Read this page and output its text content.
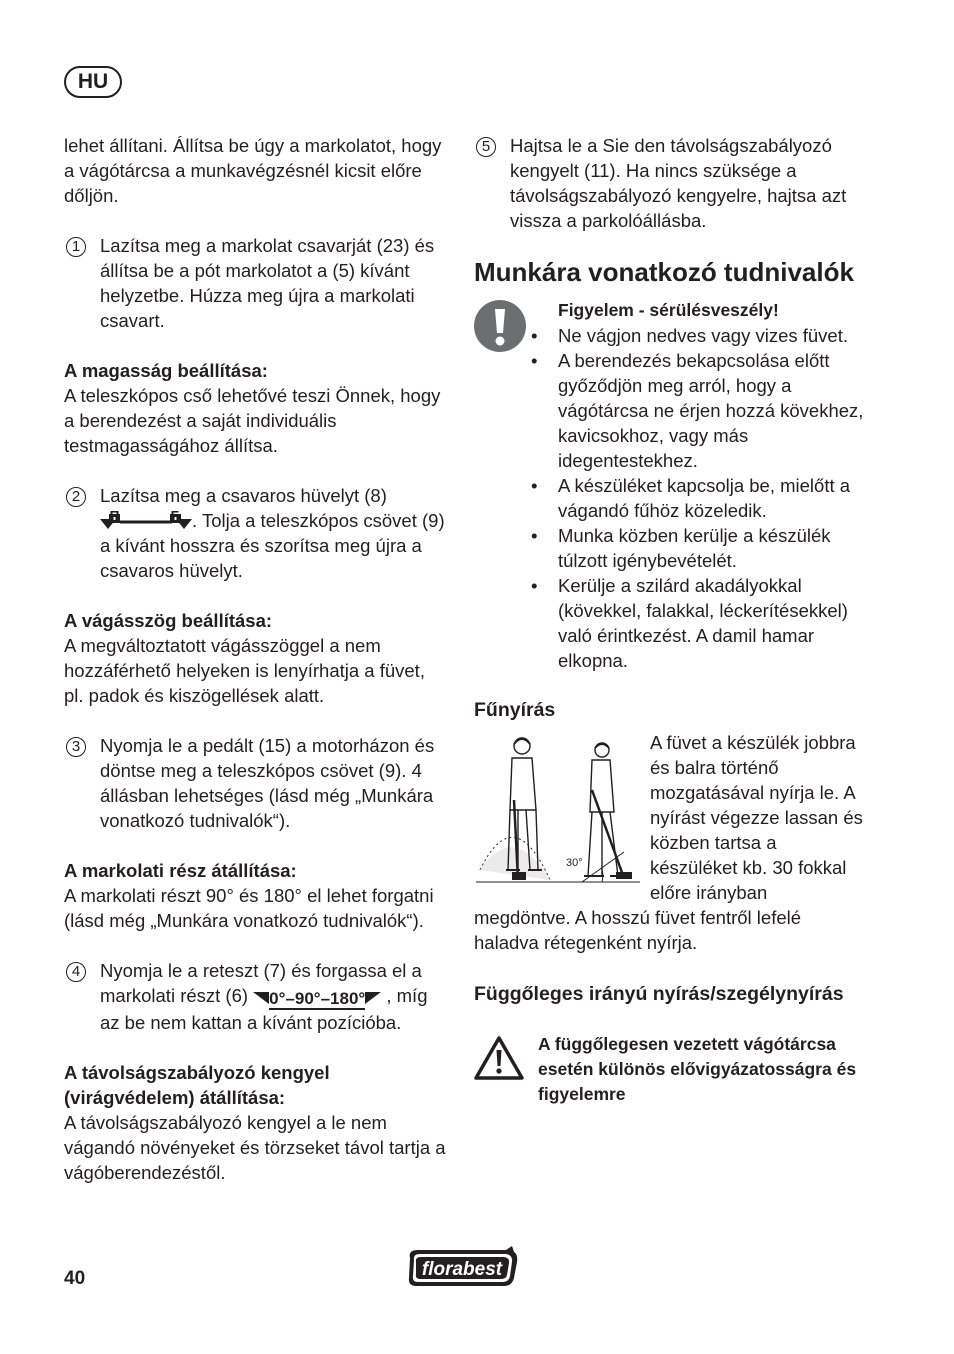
HU

lehet állítani. Állítsa be úgy a markolatot, hogy a vágótárcsa a munkavégzésnél kicsit előre dőljön.

1	Lazítsa meg a markolat csavarját (23) és állítsa be a pót markolatot a (5) kívánt helyzetbe. Húzza meg újra a markolati csavart.

A magasság beállítása:

A teleszkópos cső lehetővé teszi Önnek, hogy a berendezést a saját individuális testmagasságához állítsa.

2	Lazítsa meg a csavaros hüvelyt (8)
. Tolja a teleszkópos csövet (9) a kívánt hosszra és szorítsa meg újra a csavaros hüvelyt.

A vágásszög beállítása:

A megváltoztatott vágásszöggel a nem hozzáférhető helyeken is lenyírhatja a füvet, pl. padok és kiszögellések alatt.

3	Nyomja le a pedált (15) a motorházon és döntse meg a teleszkópos csövet (9). 4 állásban lehetséges (lásd még „Munkára vonatkozó tudnivalók“).

A markolati rész átállítása:

A markolati részt 90° és 180° el lehet forgatni (lásd még „Munkára vonatkozó tudnivalók“).

4	Nyomja le a reteszt (7) és forgassa el a markolati részt (6) 0°–90°–180° , míg az be nem kattan a kívánt pozícióba.

A távolságszabályozó kengyel (virágvédelem) átállítása:

A távolságszabályozó kengyel a le nem vágandó növényeket és törzseket távol tartja a vágóberendezéstől.

5	Hajtsa le a Sie den távolságszabályozó kengyelt (11). Ha nincs szüksége a távolságszabályozó kengyelre, hajtsa azt vissza a parkolóállásba.

Munkára vonatkozó tudnivalók

Figyelem - sérülésveszély!

• Ne vágjon nedves vagy vizes füvet.
• A berendezés bekapcsolása előtt győződjön meg arról, hogy a vágótárcsa ne érjen hozzá kövekhez, kavicsokhoz, vagy más idegentestekhez.
• A készüléket kapcsolja be, mielőtt a vágandó fűhöz közeledik.
• Munka közben kerülje a készülék túlzott igénybevételét.
• Kerülje a szilárd akadályokkal (kövekkel, falakkal, léckerítésekkel) való érintkezést. A damil hamar elkopna.
Fűnyírás
30°

A füvet a készülék jobbra és balra történő mozgatásával nyírja le. A nyírást végezze lassan és közben tartsa a készüléket kb. 30 fokkal előre irányban megdöntve. A hosszú füvet fentről lefelé haladva rétegenként nyírja.

Függőleges irányú nyírás/szegélynyírás

A függőlegesen vezetett vágótárcsa esetén különös elővigyázatosságra és figyelemre

40	florabest
